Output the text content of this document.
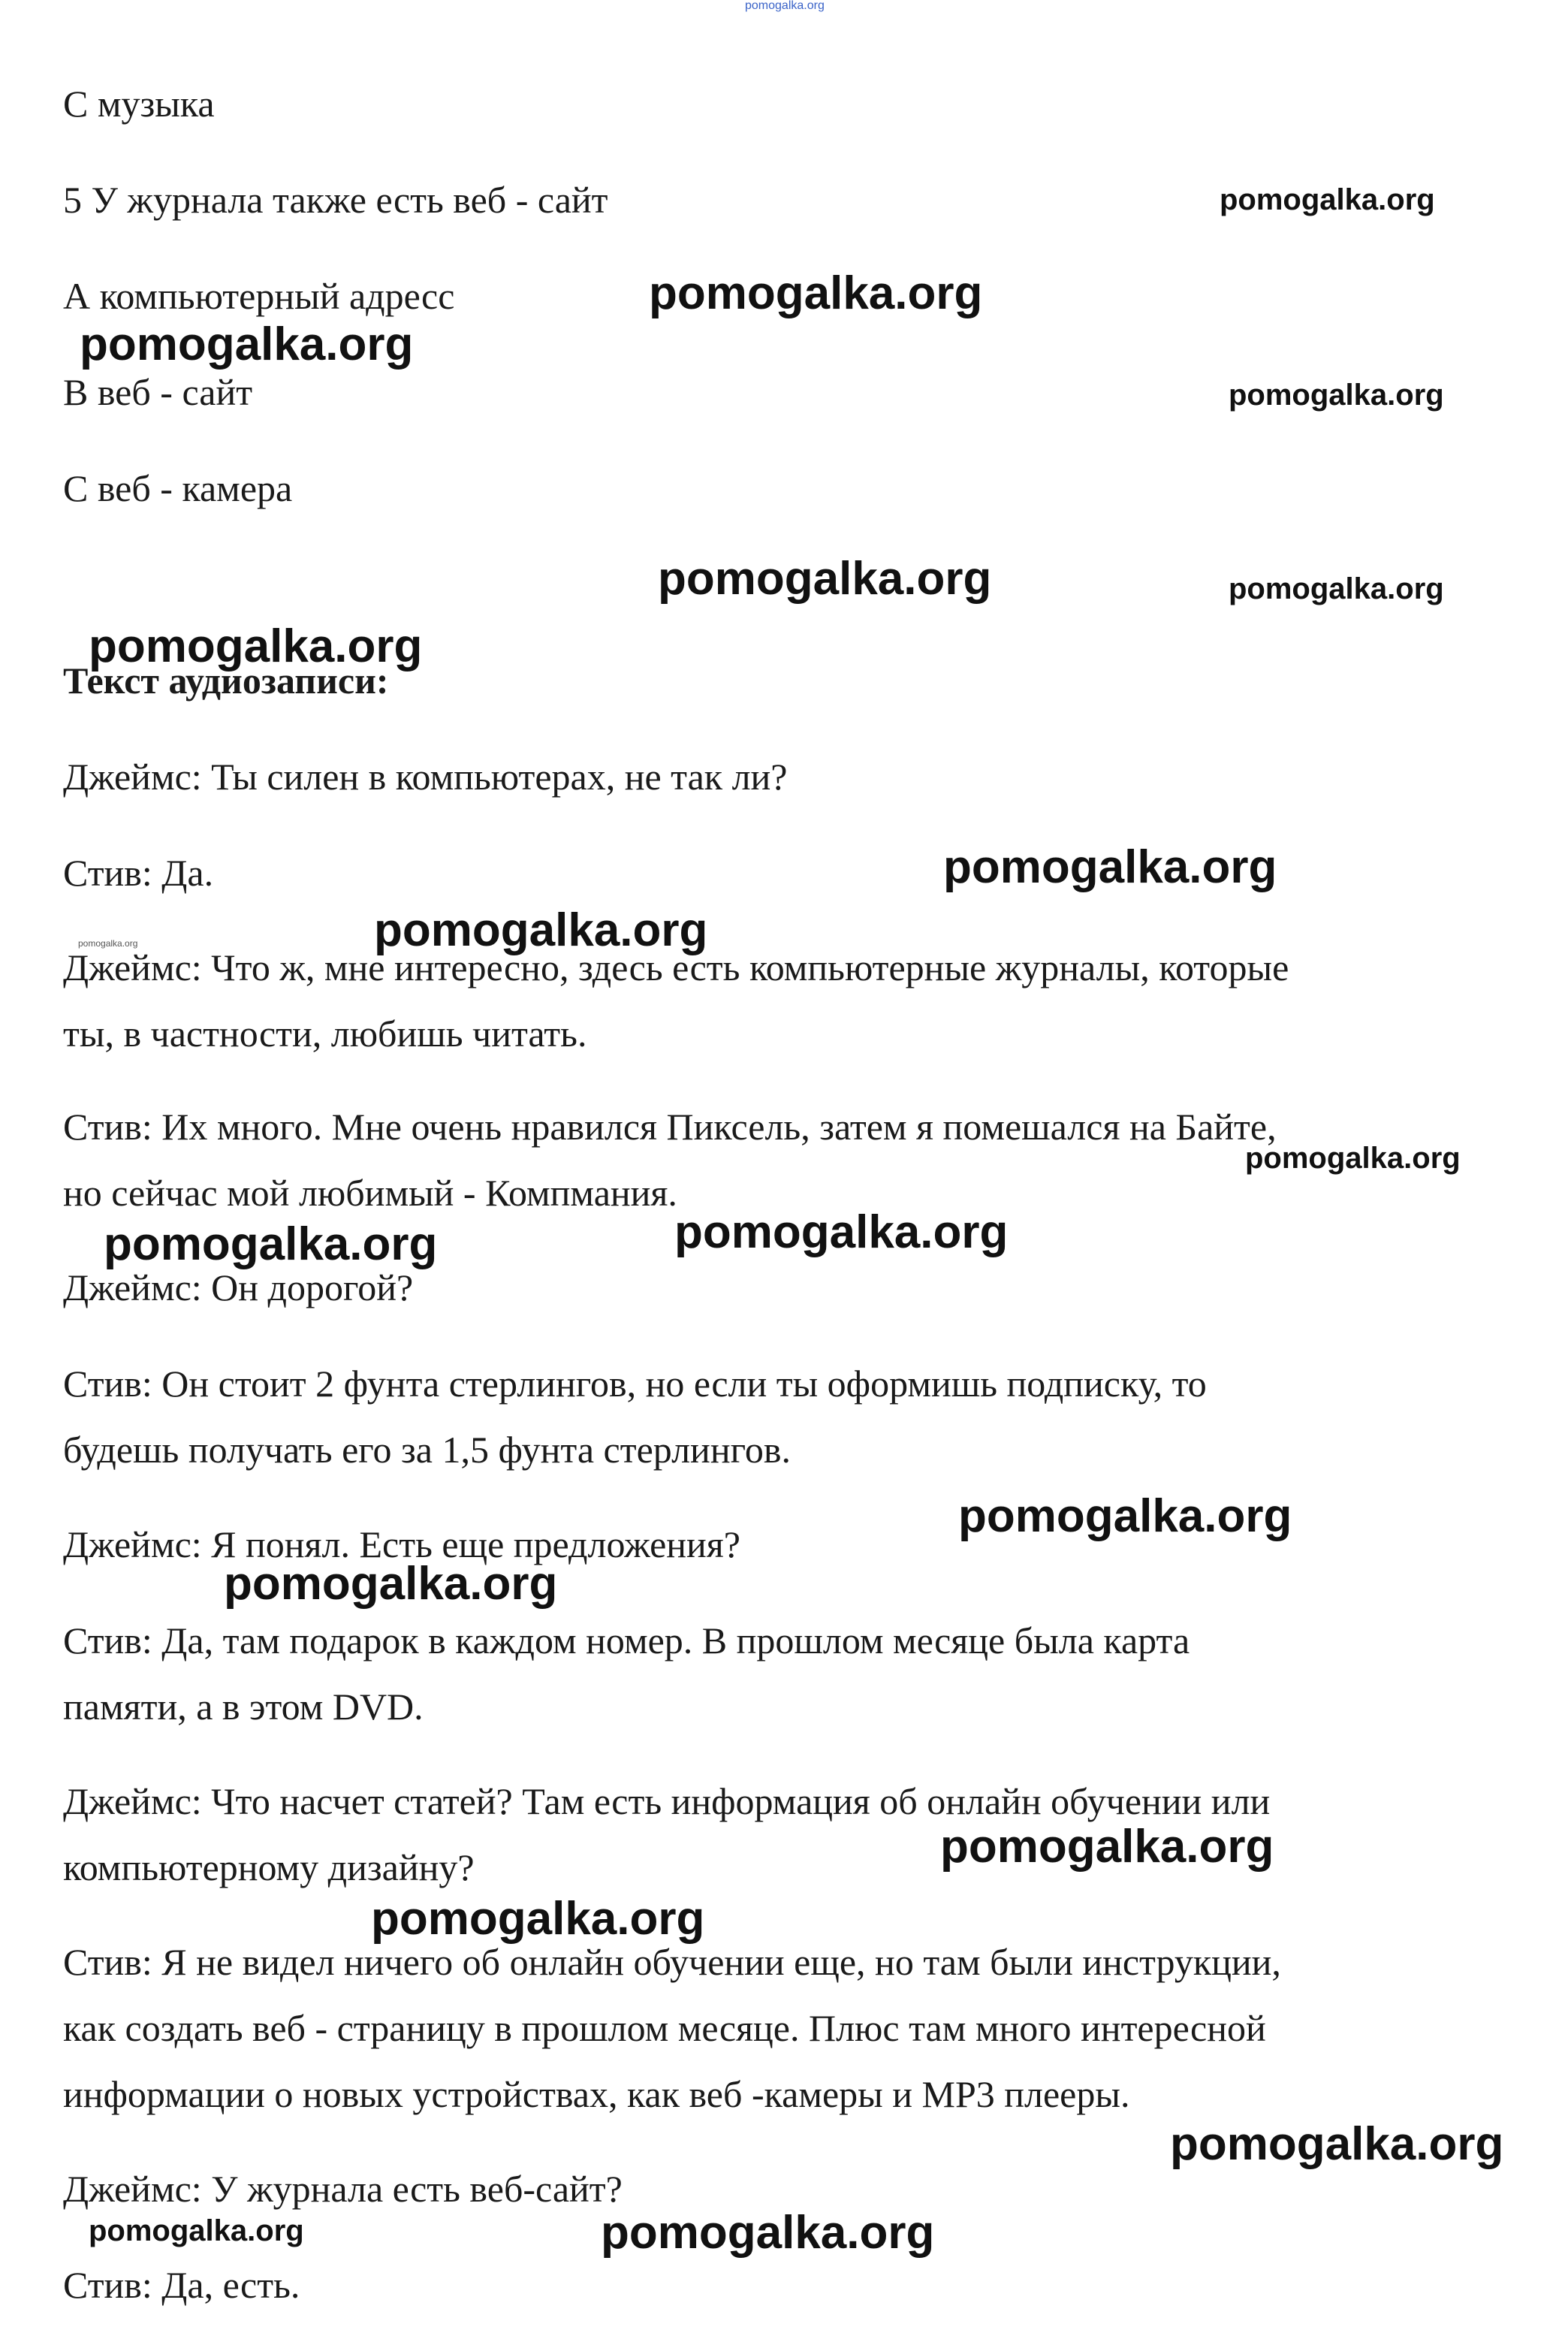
pomogalka.org
С музыка
5 У журнала также есть веб - сайт
А компьютерный адресс
В веб - сайт
С веб - камера
Текст аудиозаписи:
Джеймс: Ты силен в компьютерах, не так ли?
Стив: Да.
Джеймс: Что ж, мне интересно, здесь есть компьютерные журналы, которые
ты, в частности, любишь читать.
Стив: Их много. Мне очень нравился Пиксель, затем я помешался на Байте,
но сейчас мой любимый - Компмания.
Джеймс: Он дорогой?
Стив: Он стоит 2 фунта стерлингов, но если ты оформишь подписку, то
будешь получать его за 1,5 фунта стерлингов.
Джеймс: Я понял. Есть еще предложения?
Стив: Да, там подарок в каждом номер. В прошлом месяце была карта
памяти, а в этом DVD.
Джеймс: Что насчет статей? Там есть информация об онлайн обучении или
компьютерному дизайну?
Стив: Я не видел ничего об онлайн обучении еще, но там были инструкции,
как создать веб - страницу в прошлом месяце. Плюс там много интересной
информации о новых устройствах, как веб -камеры и MP3 плееры.
Джеймс: У журнала есть веб-сайт?
Стив: Да, есть.
pomogalka.org
pomogalka.org
pomogalka.org
pomogalka.org
pomogalka.org	pomogalka.org
pomogalka.org
pomogalka.org
pomogalka.org	pomogalka.org
pomogalka.org
pomogalka.org
pomogalka.org
pomogalka.org
pomogalka.org
pomogalka.org
pomogalka.org
pomogalka.org
pomogalka.org	pomogalka.org
